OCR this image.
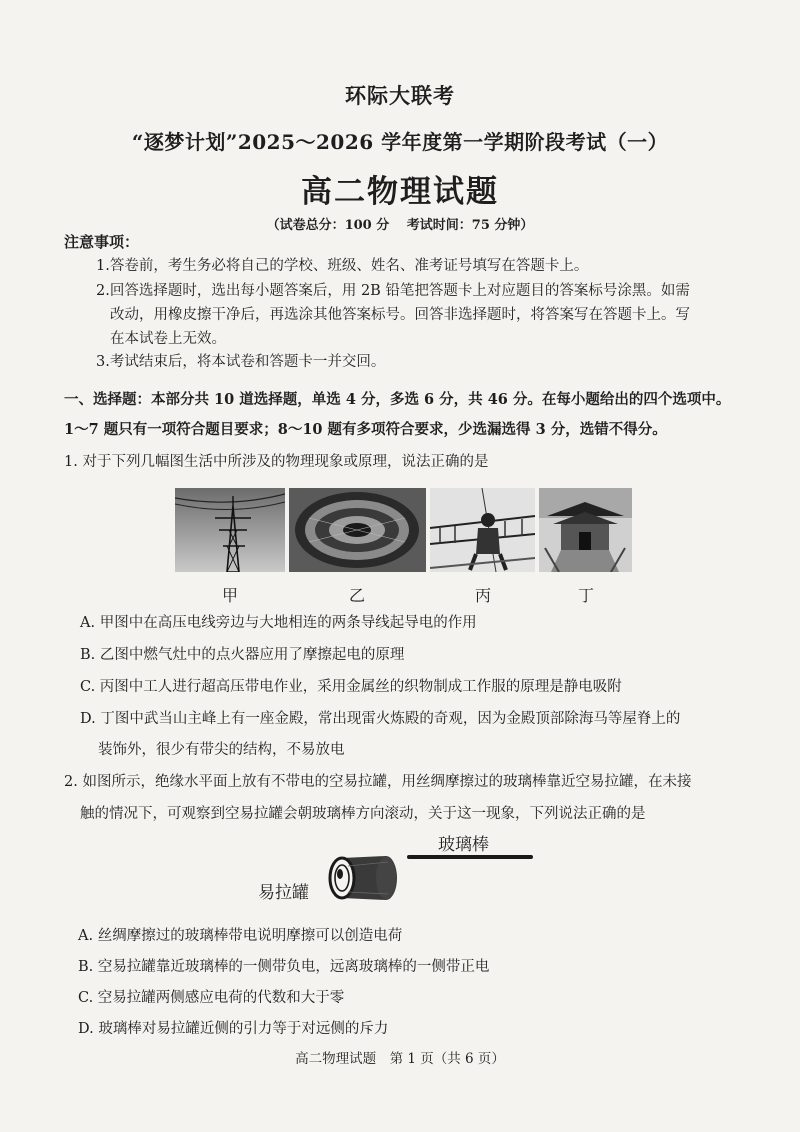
环际大联考
“逐梦计划”2025～2026 学年度第一学期阶段考试（一）
高二物理试题
（试卷总分：100 分　 考试时间：75 分钟）
注意事项：
1.答卷前，考生务必将自己的学校、班级、姓名、准考证号填写在答题卡上。
2.回答选择题时，选出每小题答案后，用 2B 铅笔把答题卡上对应题目的答案标号涂黑。如需
改动，用橡皮擦干净后，再选涂其他答案标号。回答非选择题时，将答案写在答题卡上。写
在本试卷上无效。
3.考试结束后，将本试卷和答题卡一并交回。
一、选择题：本部分共 10 道选择题，单选 4 分，多选 6 分，共 46 分。在每小题给出的四个选项中。
1～7 题只有一项符合题目要求；8～10 题有多项符合要求，少选漏选得 3 分，选错不得分。
1. 对于下列几幅图生活中所涉及的物理现象或原理，说法正确的是
甲	乙	丙	丁
A. 甲图中在高压电线旁边与大地相连的两条导线起导电的作用
B. 乙图中燃气灶中的点火器应用了摩擦起电的原理
C. 丙图中工人进行超高压带电作业，采用金属丝的织物制成工作服的原理是静电吸附
D. 丁图中武当山主峰上有一座金殿，常出现雷火炼殿的奇观，因为金殿顶部除海马等屋脊上的
装饰外，很少有带尖的结构，不易放电
2. 如图所示，绝缘水平面上放有不带电的空易拉罐，用丝绸摩擦过的玻璃棒靠近空易拉罐，在未接
触的情况下，可观察到空易拉罐会朝玻璃棒方向滚动，关于这一现象，下列说法正确的是
玻璃棒
易拉罐
A. 丝绸摩擦过的玻璃棒带电说明摩擦可以创造电荷
B. 空易拉罐靠近玻璃棒的一侧带负电，远离玻璃棒的一侧带正电
C. 空易拉罐两侧感应电荷的代数和大于零
D. 玻璃棒对易拉罐近侧的引力等于对远侧的斥力
高二物理试题　第 1 页（共 6 页）
